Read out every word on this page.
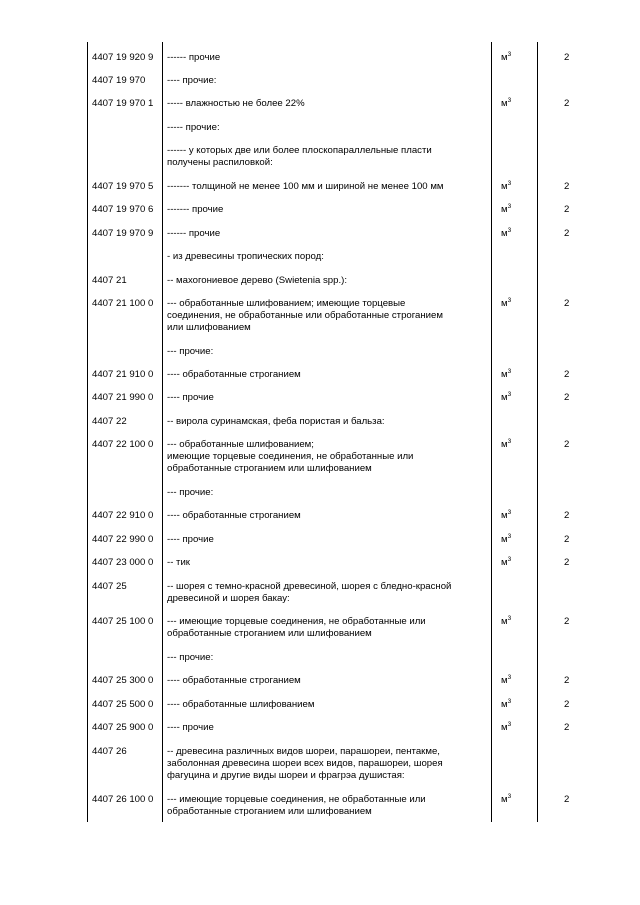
4407 19 920 9 ------ прочие	$м^3$	2
4407 19 970 ---- прочие:
4407 19 970 1 ----- влажностью не более 22%	$м^3$	2
----- прочие:
------ у которых две или более плоскопараллельные пласти
получены распиловкой:
4407 19 970 5 ------- толщиной не менее 100 мм и шириной не менее 100 мм	$м^3$	2
4407 19 970 6 ------- прочие	$м^3$	2
4407 19 970 9 ------ прочие	$м^3$	2
- из древесины тропических пород:
4407 21	-- махогониевое дерево (Swietenia spp.):
4407 21 100 0 --- обработанные шлифованием; имеющие торцевые
соединения, не обработанные или обработанные строганием
или шлифованием
$м^3$	2
--- прочие:
4407 21 910 0 ---- обработанные строганием	$м^3$	2
4407 21 990 0 ---- прочие	$м^3$	2
4407 22	-- вирола суринамская, феба пористая и бальза:
4407 22 100 0 --- обработанные шлифованием;
имеющие торцевые соединения, не обработанные или
обработанные строганием или шлифованием
$м^3$	2
--- прочие:
4407 22 910 0 ---- обработанные строганием	$м^3$	2
4407 22 990 0 ---- прочие	$м^3$	2
4407 23 000 0 -- тик	$м^3$	2
4407 25	-- шорея с темно-красной древесиной, шорея с бледно-красной
древесиной и шорея бакау:
4407 25 100 0 --- имеющие торцевые соединения, не обработанные или
обработанные строганием или шлифованием
$м^3$	2
--- прочие:
4407 25 300 0 ---- обработанные строганием	$м^3$	2
4407 25 500 0 ---- обработанные шлифованием	$м^3$	2
4407 25 900 0 ---- прочие	$м^3$	2
4407 26	-- древесина различных видов шореи, парашореи, пентакме,
заболонная древесина шореи всех видов, парашореи, шорея
фагуцина и другие виды шореи и фрагрэа душистая:
4407 26 100 0 --- имеющие торцевые соединения, не обработанные или
обработанные строганием или шлифованием
$м^3$	2
